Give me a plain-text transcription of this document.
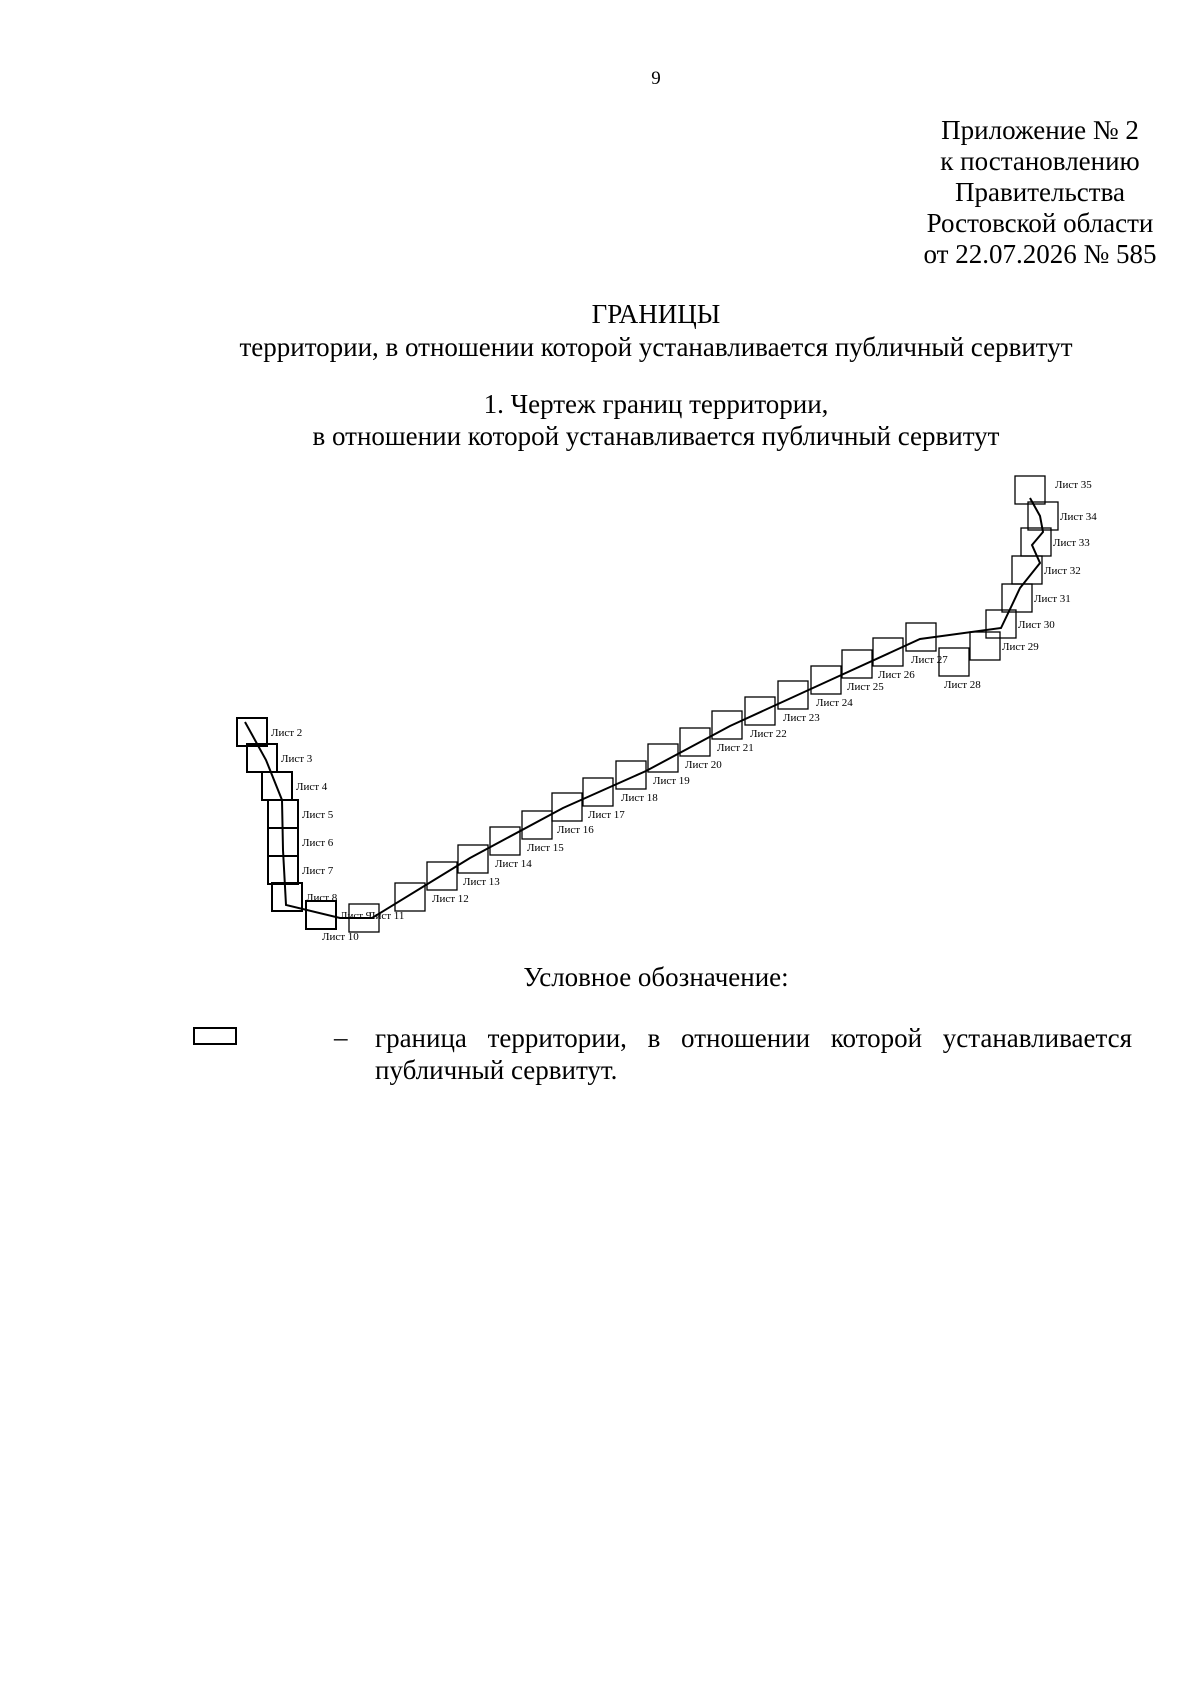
9
Приложение № 2
к постановлению
Правительства
Ростовской области
от 22.07.2026 № 585
ГРАНИЦЫ
территории, в отношении которой устанавливается публичный сервитут
1. Чертеж границ территории,
в отношении которой устанавливается публичный сервитут
Лист 2
Лист 3
Лист 4
Лист 5
Лист 6
Лист 7
Лист 8
Лист 9
Лист 10
Лист 11
Лист 12
Лист 13
Лист 14
Лист 15
Лист 16
Лист 17
Лист 18
Лист 19
Лист 20
Лист 21
Лист 22
Лист 23
Лист 24
Лист 25
Лист 26
Лист 27
Лист 28
Лист 29
Лист 30
Лист 31
Лист 32
Лист 33
Лист 34
Лист 35
Условное обозначение:
– граница территории, в отношении которой устанавливается публичный сервитут.
